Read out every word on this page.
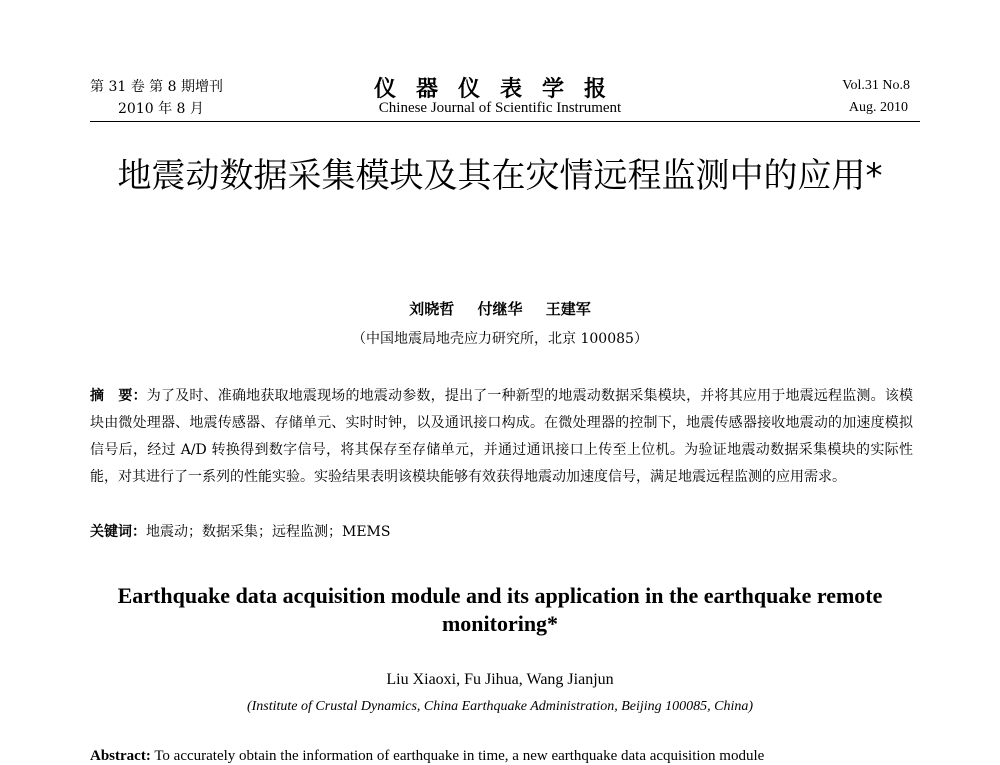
第 31 卷 第 8 期增刊
2010 年 8 月
仪器仪表学报
Chinese Journal of Scientific Instrument
Vol.31 No.8
Aug. 2010
地震动数据采集模块及其在灾情远程监测中的应用*
刘晓哲 付继华 王建军
（中国地震局地壳应力研究所，北京 100085）
摘　要：为了及时、准确地获取地震现场的地震动参数，提出了一种新型的地震动数据采集模块，并将其应用于地震远程监测。该模块由微处理器、地震传感器、存储单元、实时时钟，以及通讯接口构成。在微处理器的控制下，地震传感器接收地震动的加速度模拟信号后，经过 A/D 转换得到数字信号，将其保存至存储单元，并通过通讯接口上传至上位机。为验证地震动数据采集模块的实际性能，对其进行了一系列的性能实验。实验结果表明该模块能够有效获得地震动加速度信号，满足地震远程监测的应用需求。
关键词：地震动；数据采集；远程监测；MEMS
Earthquake data acquisition module and its application in the earthquake remote monitoring*
Liu Xiaoxi, Fu Jihua, Wang Jianjun
(Institute of Crustal Dynamics, China Earthquake Administration, Beijing 100085, China)
Abstract: To accurately obtain the information of earthquake in time, a new earthquake data acquisition module
